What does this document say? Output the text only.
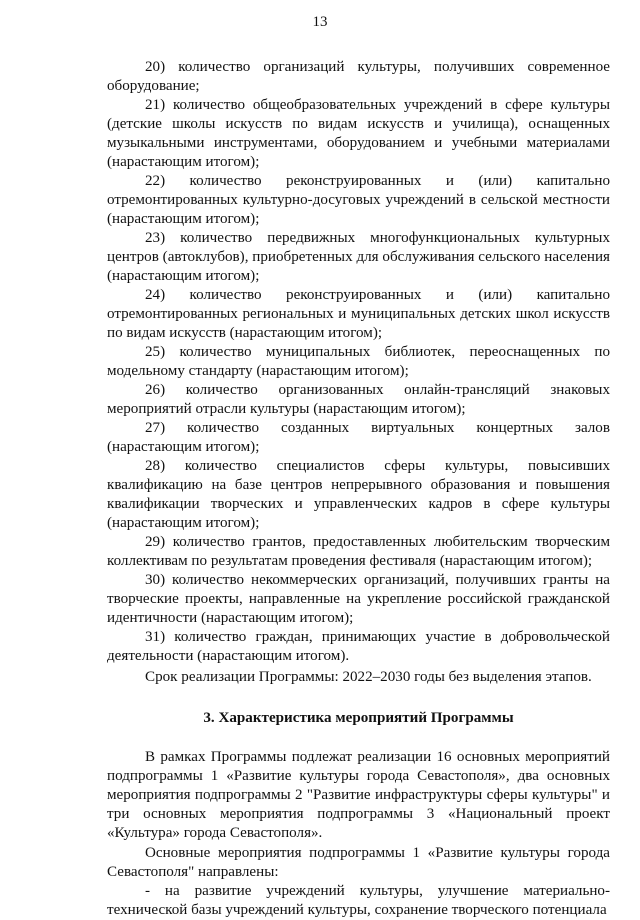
13

20) количество организаций культуры, получивших современное оборудование;

21) количество общеобразовательных учреждений в сфере культуры (детские школы искусств по видам искусств и училища), оснащенных музыкальными инструментами, оборудованием и учебными материалами (нарастающим итогом);

22) количество реконструированных и (или) капитально отремонтированных культурно-досуговых учреждений в сельской местности (нарастающим итогом);

23) количество передвижных многофункциональных культурных центров (автоклубов), приобретенных для обслуживания сельского населения (нарастающим итогом);

24) количество реконструированных и (или) капитально отремонтированных региональных и муниципальных детских школ искусств по видам искусств (нарастающим итогом);

25) количество муниципальных библиотек, переоснащенных по модельному стандарту (нарастающим итогом);

26) количество организованных онлайн-трансляций знаковых мероприятий отрасли культуры (нарастающим итогом);

27) количество созданных виртуальных концертных залов (нарастающим итогом);

28) количество специалистов сферы культуры, повысивших квалификацию на базе центров непрерывного образования и повышения квалификации творческих и управленческих кадров в сфере культуры (нарастающим итогом);

29) количество грантов, предоставленных любительским творческим коллективам по результатам проведения фестиваля (нарастающим итогом);

30) количество некоммерческих организаций, получивших гранты на творческие проекты, направленные на укрепление российской гражданской идентичности (нарастающим итогом);

31) количество граждан, принимающих участие в добровольческой деятельности (нарастающим итогом).

Срок реализации Программы: 2022–2030 годы без выделения этапов.

3. Характеристика мероприятий Программы

В рамках Программы подлежат реализации 16 основных мероприятий подпрограммы 1 «Развитие культуры города Севастополя», два основных мероприятия подпрограммы 2 "Развитие инфраструктуры сферы культуры" и три основных мероприятия подпрограммы 3 «Национальный проект «Культура» города Севастополя».

Основные мероприятия подпрограммы 1 «Развитие культуры города Севастополя" направлены:

- на развитие учреждений культуры, улучшение материально-технической базы учреждений культуры, сохранение творческого потенциала
